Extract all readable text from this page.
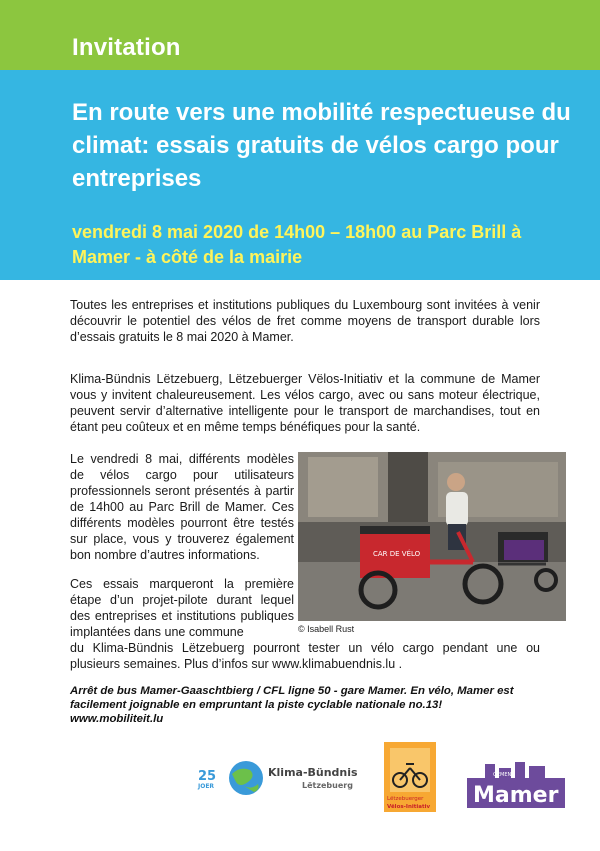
Invitation
En route vers une mobilité respectueuse du climat: essais gratuits de vélos cargo pour entreprises
vendredi 8 mai 2020 de 14h00 – 18h00 au Parc Brill à Mamer - à côté de la mairie
Toutes les entreprises et institutions publiques du Luxembourg sont invitées à venir découvrir le potentiel des vélos de fret comme moyens de transport durable lors d’essais gratuits le 8 mai 2020 à Mamer.
Klima-Bündnis Lëtzebuerg, Lëtzebuerger Vëlos-Initiativ et la commune de Mamer vous y invitent chaleureusement. Les vélos cargo, avec ou sans moteur électrique, peuvent servir d’alternative intelligente pour le transport de marchandises, tout en étant peu coûteux et en même temps bénéfiques pour la santé.
Le vendredi 8 mai, différents modèles de vélos cargo pour utilisateurs professionnels seront présentés à partir de 14h00 au Parc Brill de Mamer. Ces différents modèles pourront être testés sur place, vous y trouverez également bon nombre d’autres informations.
Ces essais marqueront la première étape d’un projet-pilote durant lequel des entreprises et institutions publiques implantées dans une commune
du Klima-Bündnis Lëtzebuerg pourront tester un vélo cargo pendant une ou plusieurs semaines. Plus d’infos sur www.klimabuendnis.lu .
CAR DE VÉLO
© Isabell Rust
Arrêt de bus Mamer-Gaaschtbierg / CFL ligne 50 - gare Mamer. En vélo, Mamer est facilement joignable en empruntant la piste cyclable nationale no.13!
www.mobiliteit.lu
25
JOER
Klima-Bündnis
Lëtzebuerg
Lëtzebuerger
Vëlos-Initiativ
GEMENG
Mamer
